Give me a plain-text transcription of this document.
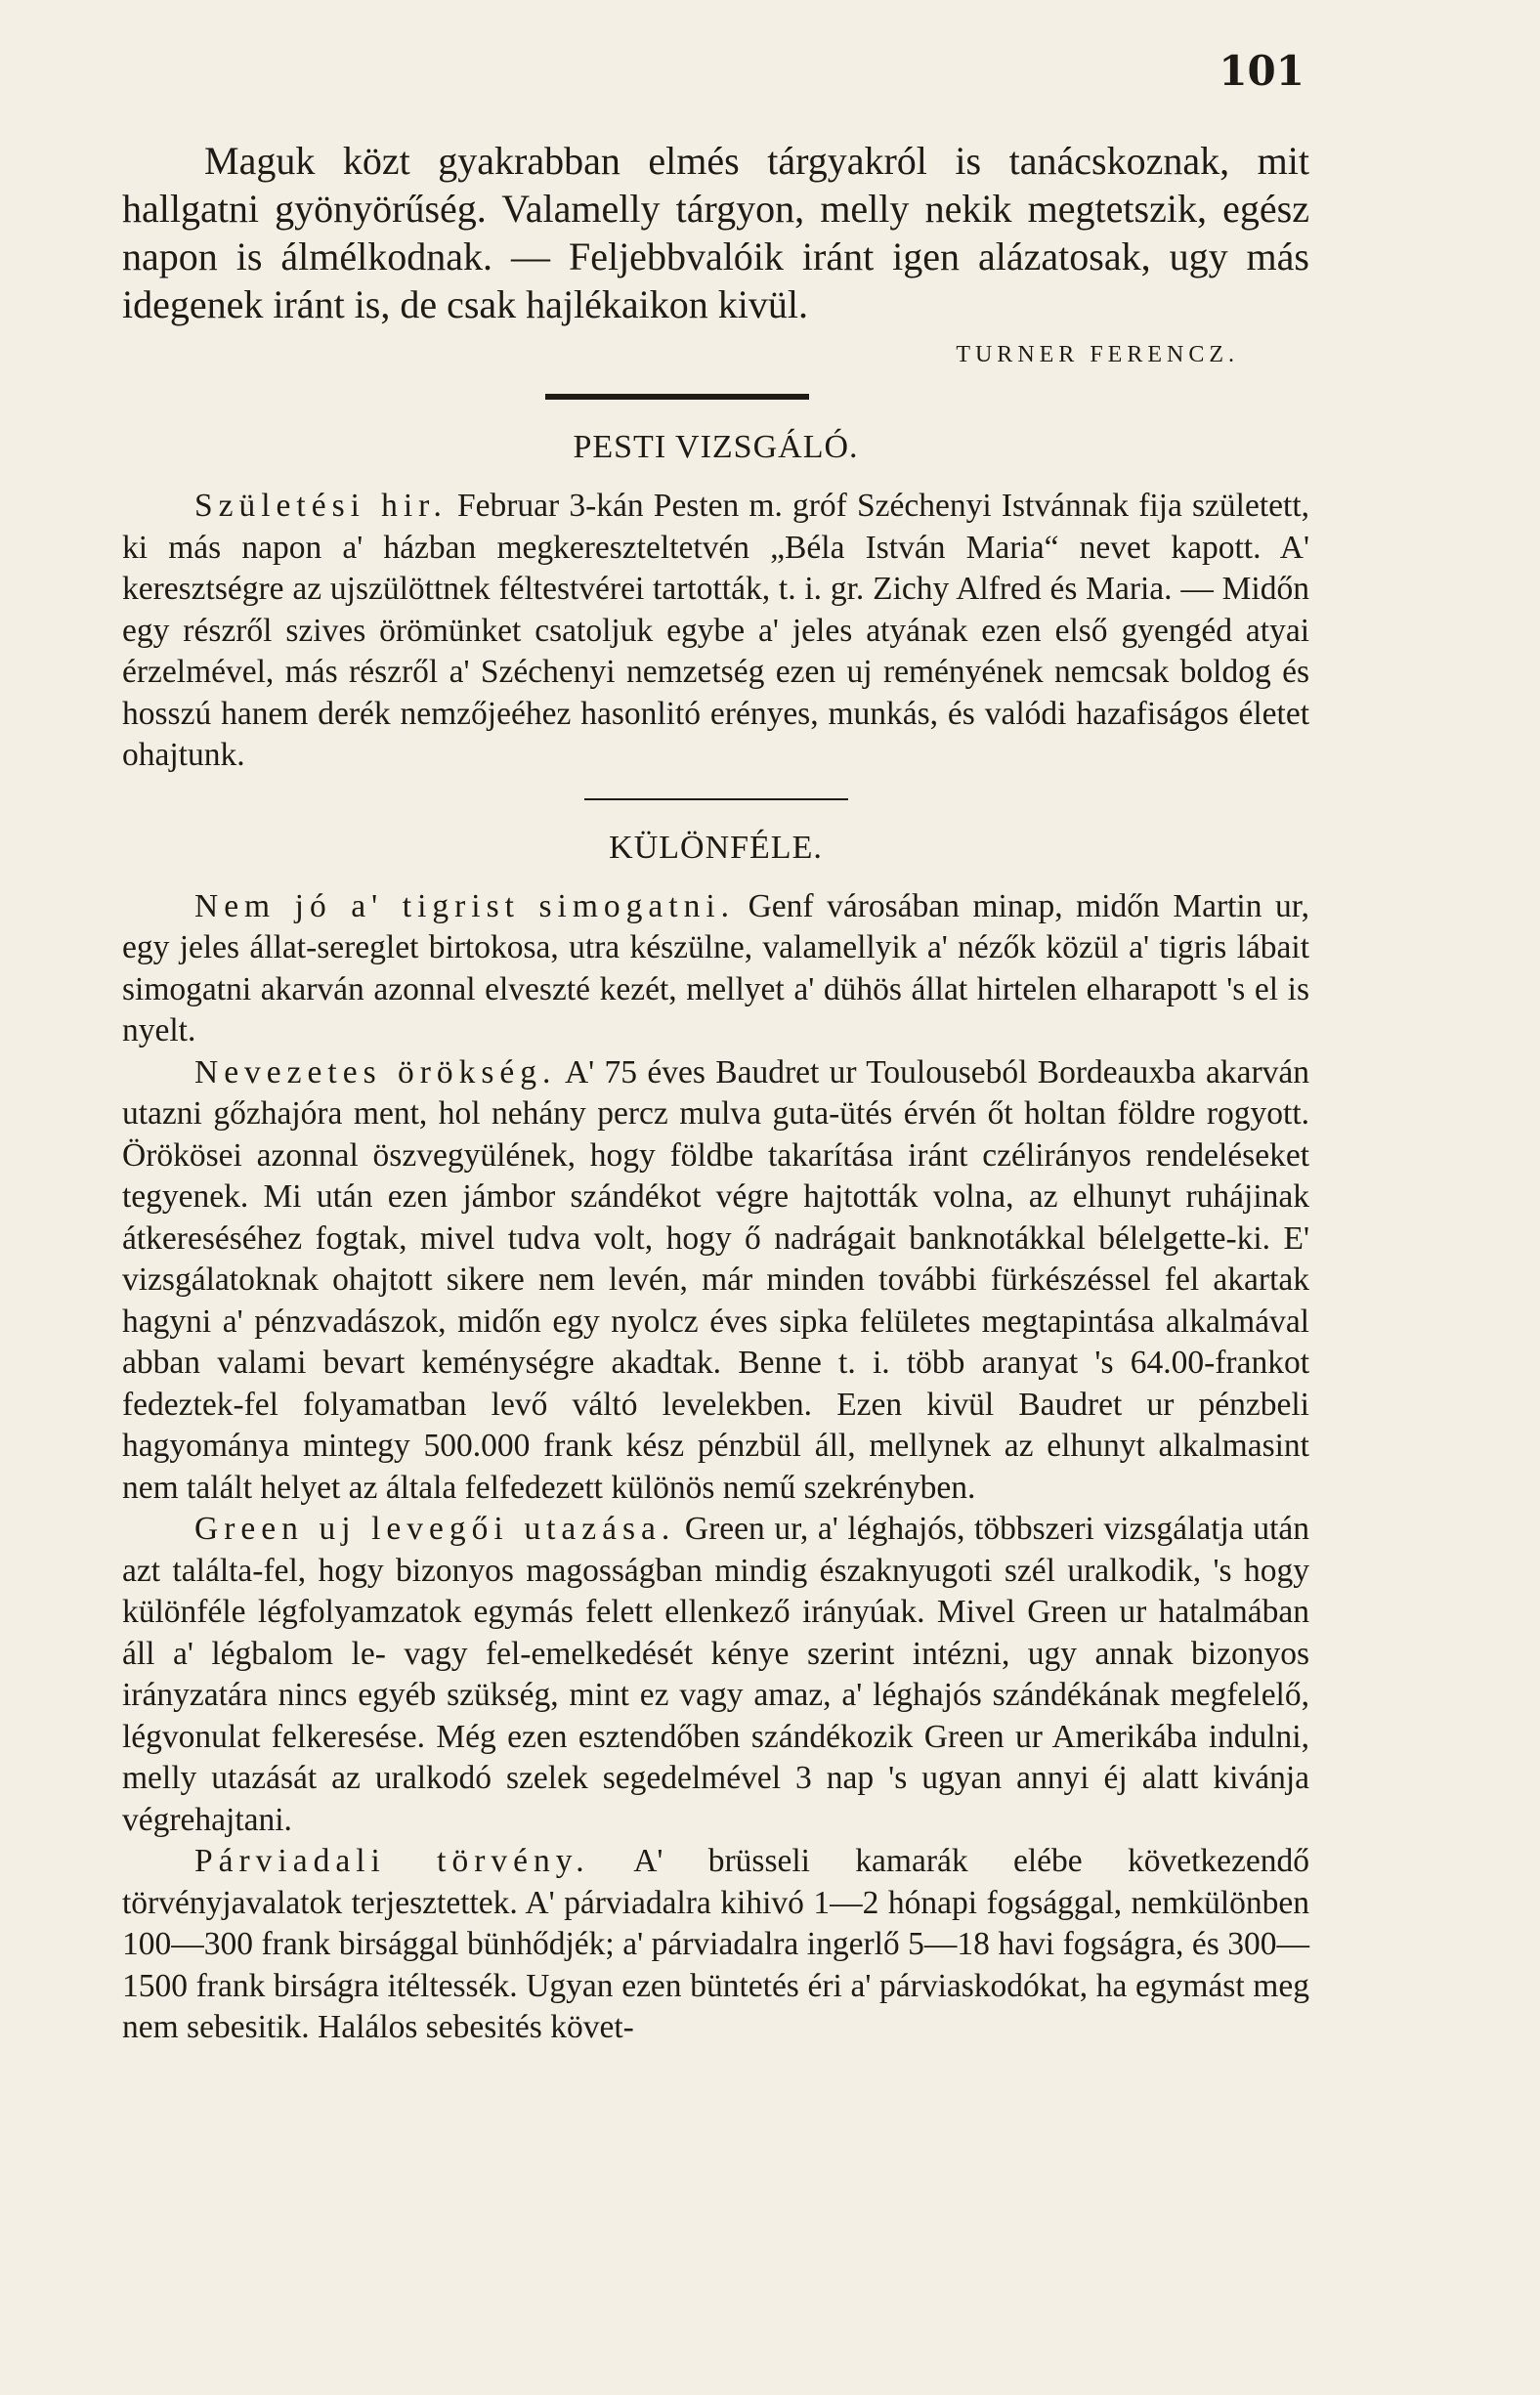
101

Maguk közt gyakrabban elmés tárgyakról is tanácskoznak, mit hallgatni gyönyörűség. Valamelly tárgyon, melly nekik megtetszik, egész napon is álmélkodnak. — Feljebbvalóik iránt igen alázatosak, ugy más idegenek iránt is, de csak hajlékaikon kivül.

TURNER FERENCZ.
PESTI VIZSGÁLÓ.

Születési hir. Februar 3-kán Pesten m. gróf Széchenyi Istvánnak fija született, ki más napon a' házban megkereszteltetvén „Béla István Maria“ nevet kapott. A' keresztségre az ujszülöttnek féltestvérei tartották, t. i. gr. Zichy Alfred és Maria. — Midőn egy részről szives örömünket csatoljuk egybe a' jeles atyának ezen első gyengéd atyai érzelmével, más részről a' Széchenyi nemzetség ezen uj reményének nemcsak boldog és hosszú hanem derék nemzőjeéhez hasonlitó erényes, munkás, és valódi hazafiságos életet ohajtunk.

KÜLÖNFÉLE.

Nem jó a' tigrist simogatni. Genf városában minap, midőn Martin ur, egy jeles állat-sereglet birtokosa, utra készülne, valamellyik a' nézők közül a' tigris lábait simogatni akarván azonnal elveszté kezét, mellyet a' dühös állat hirtelen elharapott 's el is nyelt.

Nevezetes örökség. A' 75 éves Baudret ur Toulouseból Bordeauxba akarván utazni gőzhajóra ment, hol nehány percz mulva guta-ütés érvén őt holtan földre rogyott. Örökösei azonnal öszvegyülének, hogy földbe takarítása iránt czélirányos rendeléseket tegyenek. Mi után ezen jámbor szándékot végre hajtották volna, az elhunyt ruhájinak átkereséséhez fogtak, mivel tudva volt, hogy ő nadrágait banknotákkal bélelgette-ki. E' vizsgálatoknak ohajtott sikere nem levén, már minden további fürkészéssel fel akartak hagyni a' pénzvadászok, midőn egy nyolcz éves sipka felületes megtapintása alkalmával abban valami bevart keménységre akadtak. Benne t. i. több aranyat 's 64.00-frankot fedeztek-fel folyamatban levő váltó levelekben. Ezen kivül Baudret ur pénzbeli hagyománya mintegy 500.000 frank kész pénzbül áll, mellynek az elhunyt alkalmasint nem talált helyet az általa felfedezett különös nemű szekrényben.

Green uj levegői utazása. Green ur, a' léghajós, többszeri vizsgálatja után azt találta-fel, hogy bizonyos magosságban mindig északnyugoti szél uralkodik, 's hogy különféle légfolyamzatok egymás felett ellenkező irányúak. Mivel Green ur hatalmában áll a' légbalom le- vagy fel-emelkedését kénye szerint intézni, ugy annak bizonyos irányzatára nincs egyéb szükség, mint ez vagy amaz, a' léghajós szándékának megfelelő, légvonulat felkeresése. Még ezen esztendőben szándékozik Green ur Amerikába indulni, melly utazását az uralkodó szelek segedelmével 3 nap 's ugyan annyi éj alatt kivánja végrehajtani.

Párviadali törvény. A' brüsseli kamarák elébe következendő törvényjavalatok terjesztettek. A' párviadalra kihivó 1—2 hónapi fogsággal, nemkülönben 100—300 frank birsággal bünhődjék; a' párviadalra ingerlő 5—18 havi fogságra, és 300—1500 frank birságra itéltessék. Ugyan ezen büntetés éri a' párviaskodókat, ha egymást meg nem sebesitik. Halálos sebesités követ-
